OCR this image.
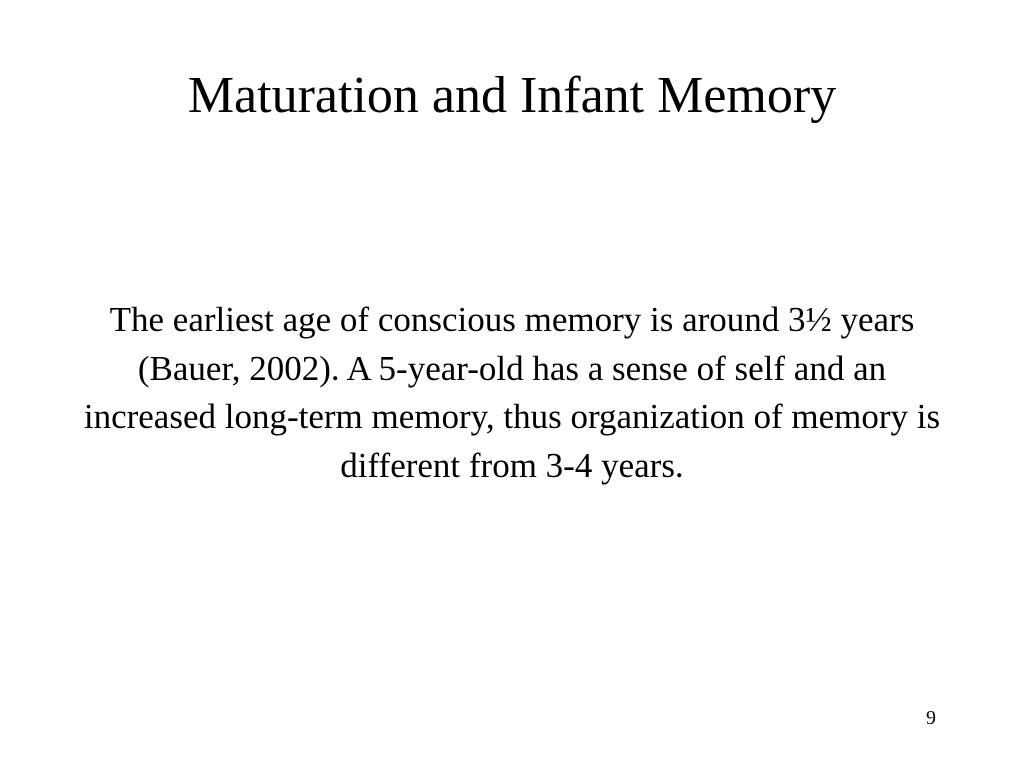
Maturation and Infant Memory

The earliest age of conscious memory is around 3½ years (Bauer, 2002). A 5-year-old has a sense of self and an increased long-term memory, thus organization of memory is different from 3-4 years.

9
